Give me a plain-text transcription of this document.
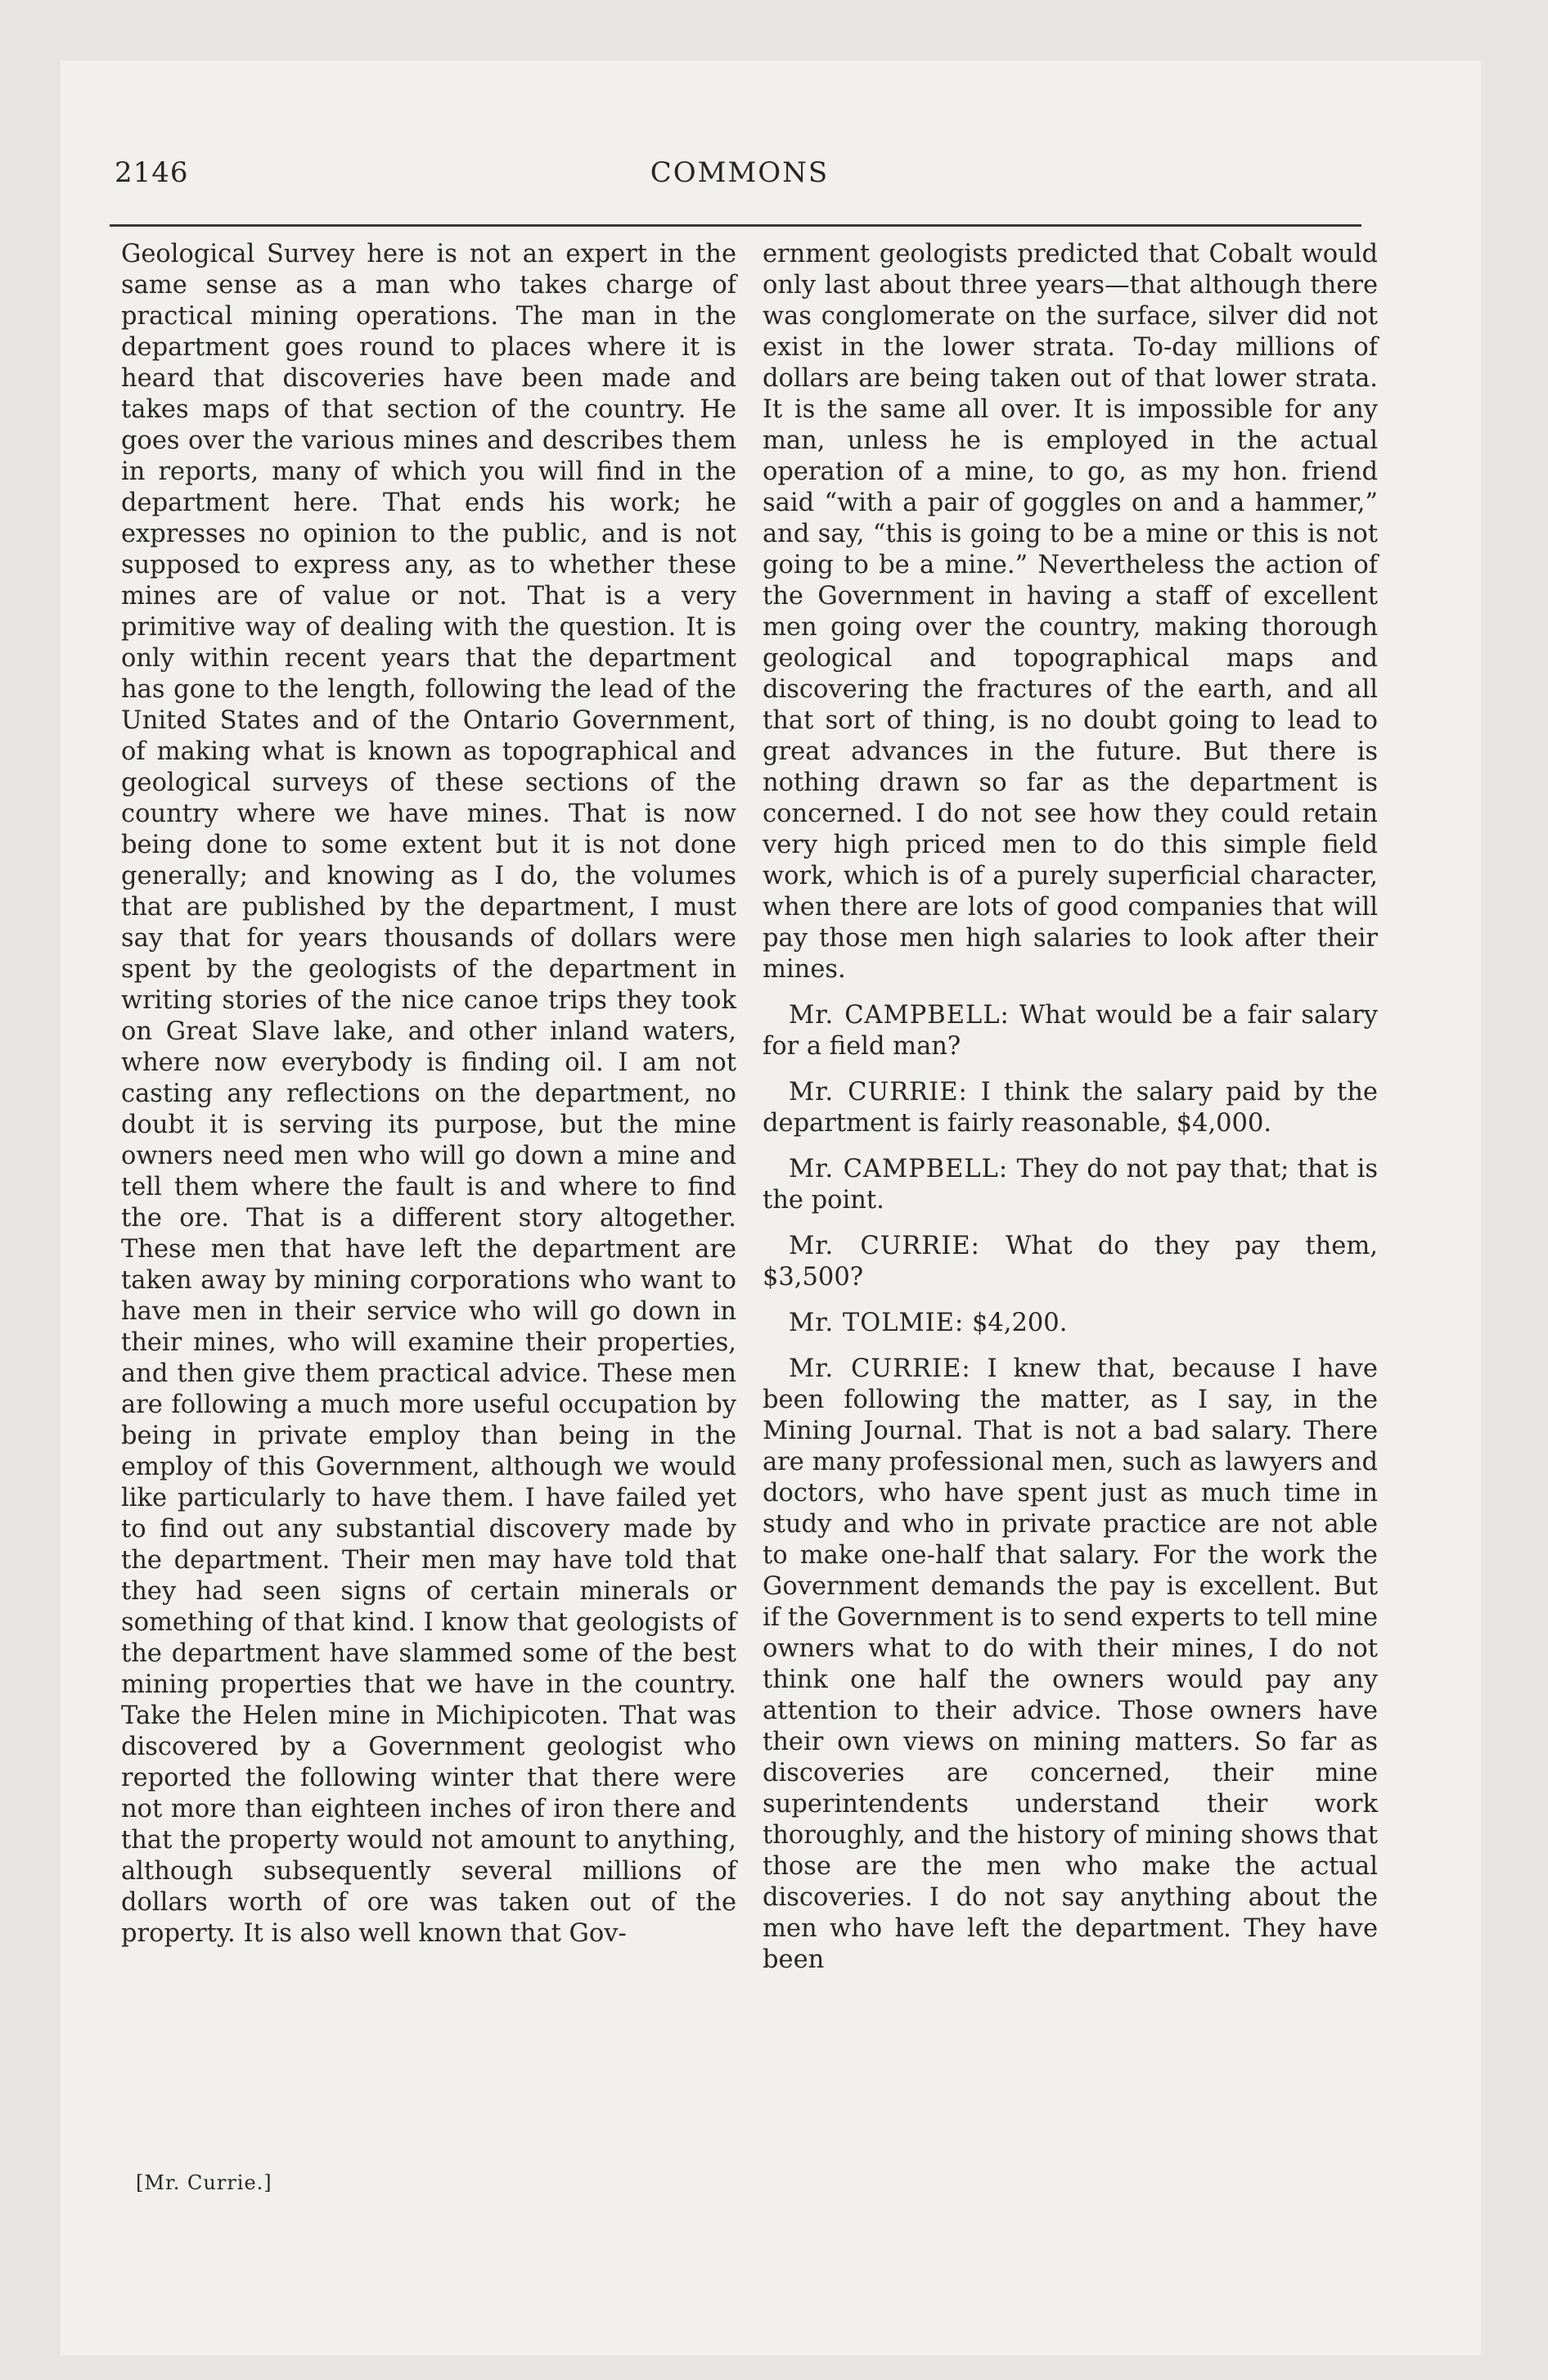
2146	COMMONS

Geological Survey here is not an expert in the same sense as a man who takes charge of practical mining operations. The man in the department goes round to places where it is heard that discoveries have been made and takes maps of that section of the country. He goes over the various mines and describes them in reports, many of which you will find in the department here. That ends his work; he expresses no opinion to the public, and is not supposed to express any, as to whether these mines are of value or not. That is a very primitive way of dealing with the question. It is only within recent years that the department has gone to the length, following the lead of the United States and of the Ontario Government, of making what is known as topographical and geological surveys of these sections of the country where we have mines. That is now being done to some extent but it is not done generally; and knowing as I do, the volumes that are published by the department, I must say that for years thousands of dollars were spent by the geologists of the department in writing stories of the nice canoe trips they took on Great Slave lake, and other inland waters, where now everybody is finding oil. I am not casting any reflections on the department, no doubt it is serving its purpose, but the mine owners need men who will go down a mine and tell them where the fault is and where to find the ore. That is a different story altogether. These men that have left the department are taken away by mining corporations who want to have men in their service who will go down in their mines, who will examine their properties, and then give them practical advice. These men are following a much more useful occupation by being in private employ than being in the employ of this Government, although we would like particularly to have them. I have failed yet to find out any substantial discovery made by the department. Their men may have told that they had seen signs of certain minerals or something of that kind. I know that geologists of the department have slammed some of the best mining properties that we have in the country. Take the Helen mine in Michipicoten. That was discovered by a Government geologist who reported the following winter that there were not more than eighteen inches of iron there and that the property would not amount to anything, although subsequently several millions of dollars worth of ore was taken out of the property. It is also well known that Gov-

ernment geologists predicted that Cobalt would only last about three years—that although there was conglomerate on the surface, silver did not exist in the lower strata. To-day millions of dollars are being taken out of that lower strata. It is the same all over. It is impossible for any man, unless he is employed in the actual operation of a mine, to go, as my hon. friend said “with a pair of goggles on and a hammer,” and say, “this is going to be a mine or this is not going to be a mine.” Nevertheless the action of the Government in having a staff of excellent men going over the country, making thorough geological and topographical maps and discovering the fractures of the earth, and all that sort of thing, is no doubt going to lead to great advances in the future. But there is nothing drawn so far as the department is concerned. I do not see how they could retain very high priced men to do this simple field work, which is of a purely superficial character, when there are lots of good companies that will pay those men high salaries to look after their mines.

Mr. CAMPBELL: What would be a fair salary for a field man?

Mr. CURRIE: I think the salary paid by the department is fairly reasonable, $4,000.

Mr. CAMPBELL: They do not pay that; that is the point.

Mr. CURRIE: What do they pay them, $3,500?

Mr. TOLMIE: $4,200.

Mr. CURRIE: I knew that, because I have been following the matter, as I say, in the Mining Journal. That is not a bad salary. There are many professional men, such as lawyers and doctors, who have spent just as much time in study and who in private practice are not able to make one-half that salary. For the work the Government demands the pay is excellent. But if the Government is to send experts to tell mine owners what to do with their mines, I do not think one half the owners would pay any attention to their advice. Those owners have their own views on mining matters. So far as discoveries are concerned, their mine superintendents understand their work thoroughly, and the history of mining shows that those are the men who make the actual discoveries. I do not say anything about the men who have left the department. They have been

[Mr. Currie.]
